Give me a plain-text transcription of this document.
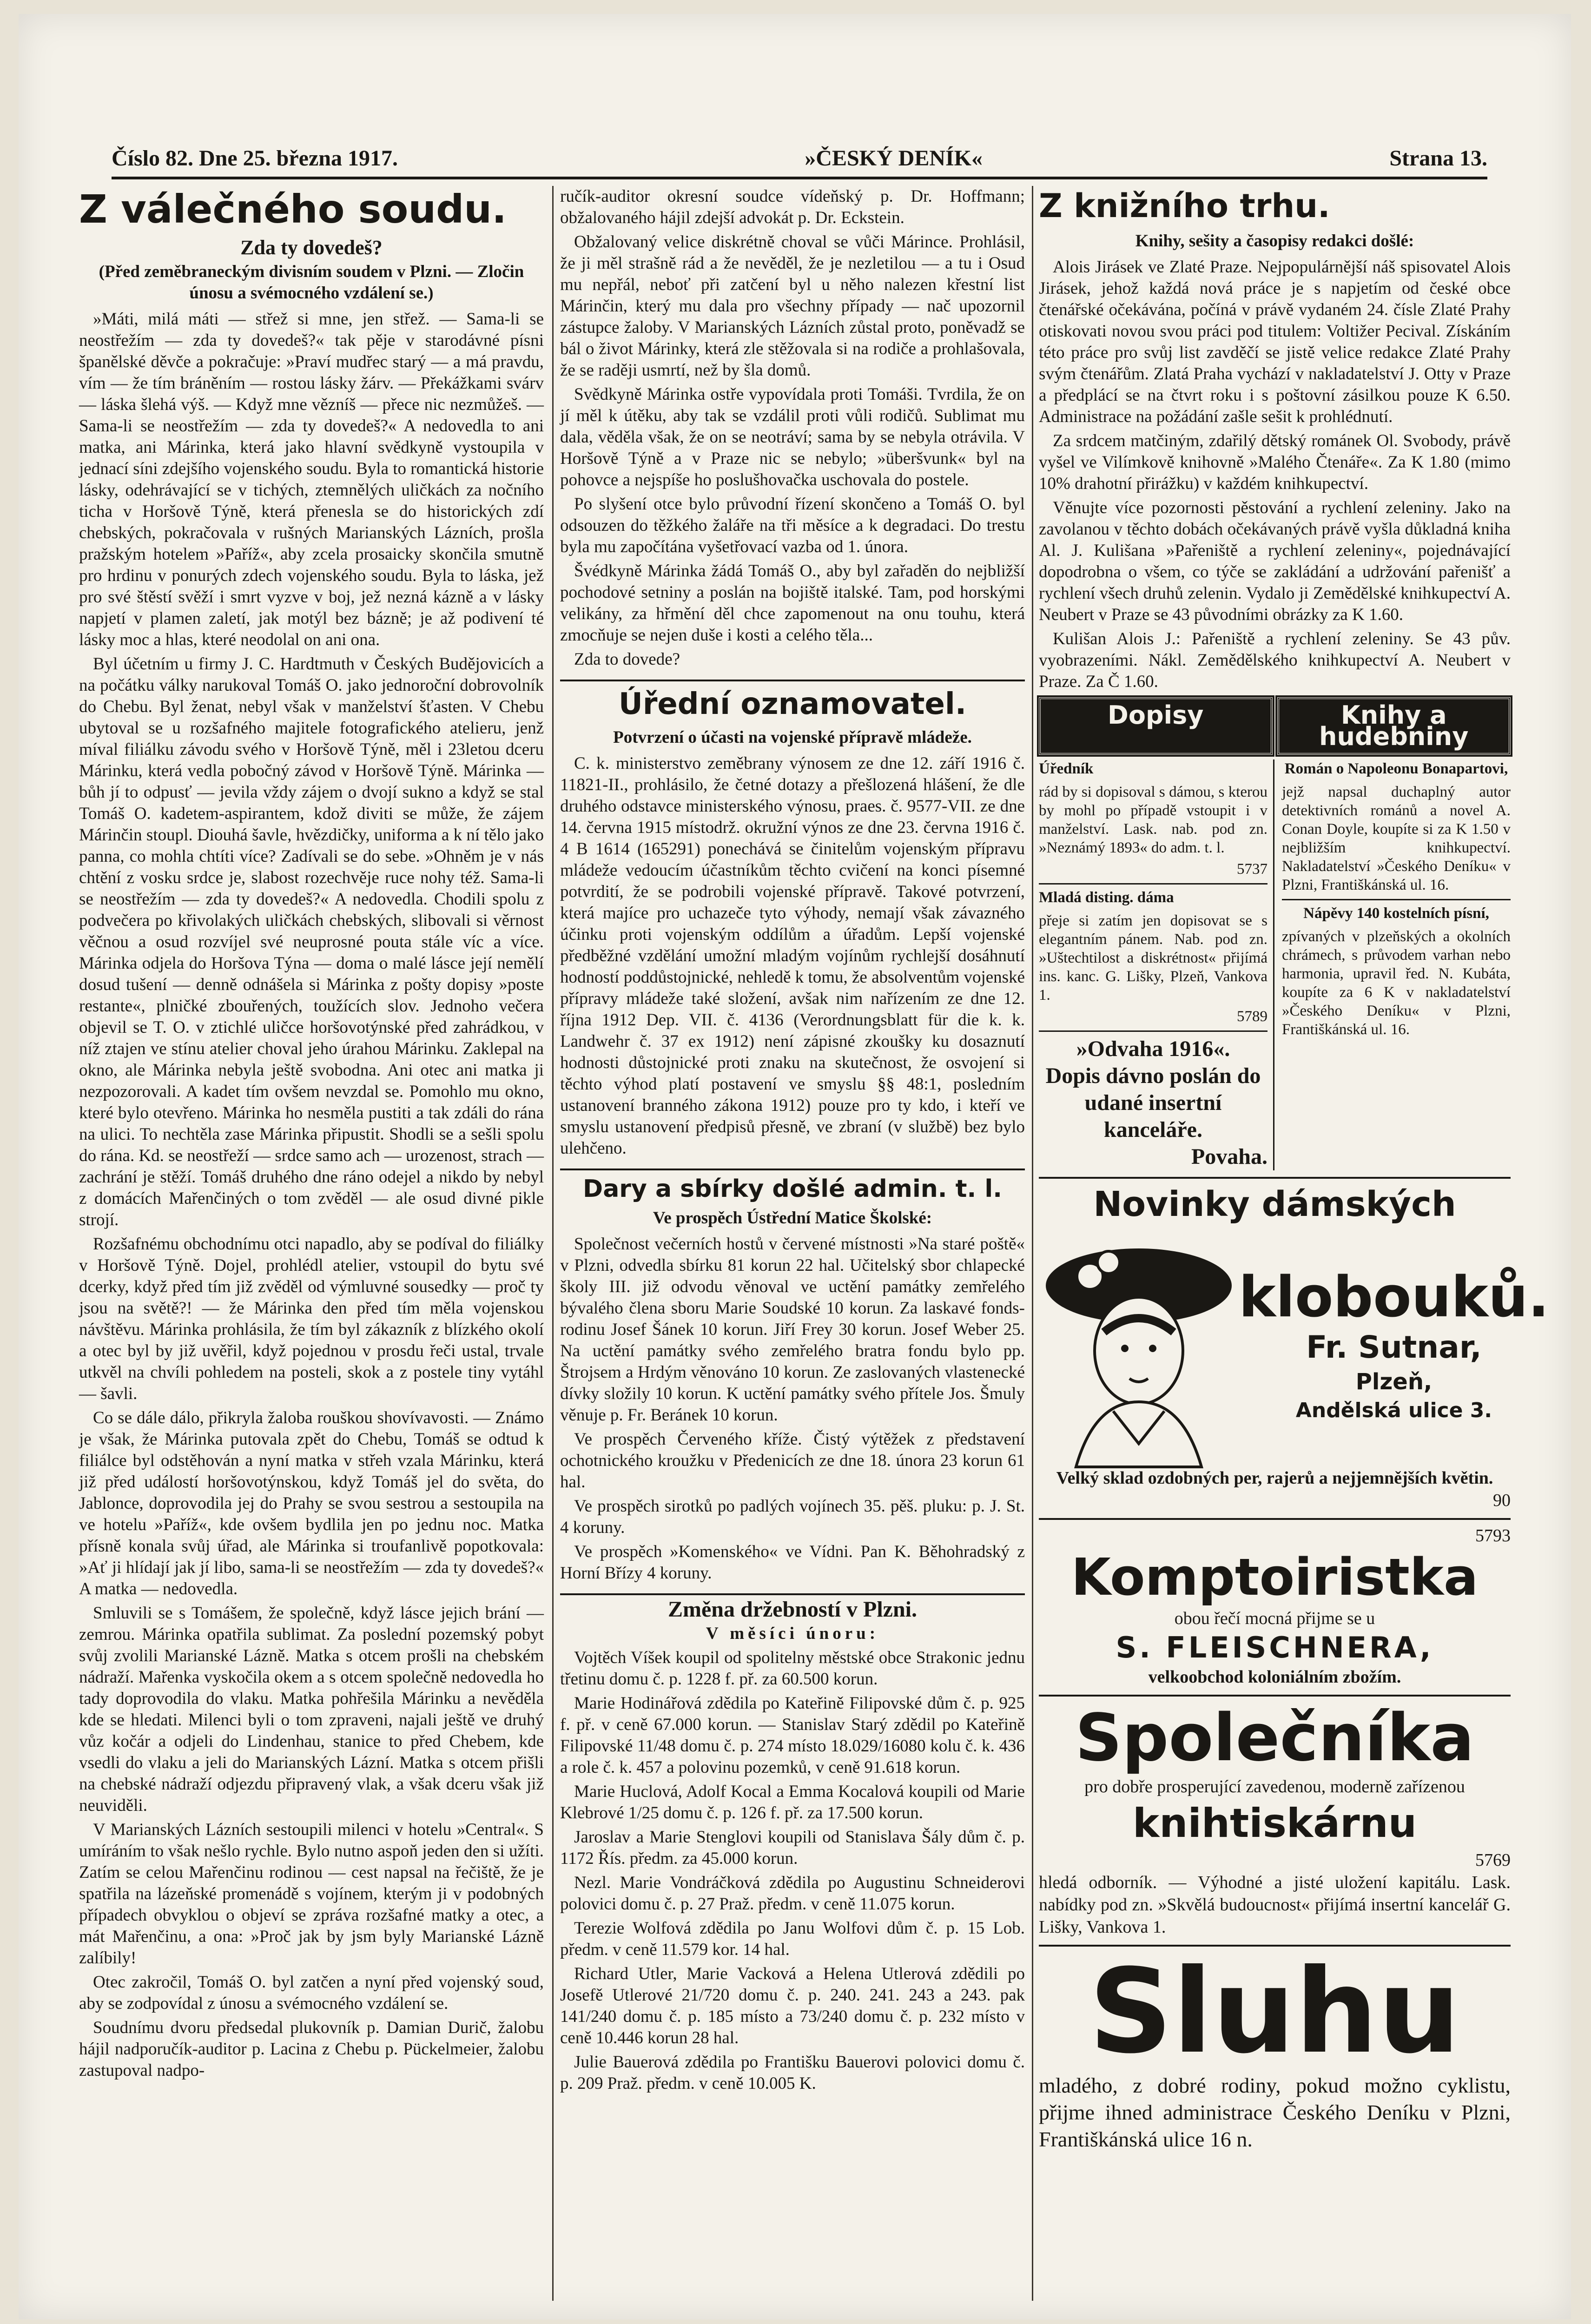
Číslo 82. Dne 25. března 1917.	»ČESKÝ DENÍK«	Strana 13.
Z válečného soudu.
Zda ty dovedeš?

(Před zeměbraneckým divisním soudem v Plzni. — Zločin únosu a svémocného vzdálení se.)

»Máti, milá máti — střež si mne, jen střež. — Sama-li se neostřežím — zda ty dovedeš?« tak pěje v starodávné písni španělské děvče a pokračuje: »Praví mudřec starý — a má pravdu, vím — že tím bráněním — rostou lásky žárv. — Překážkami svárv — láska šlehá výš. — Když mne vězníš — přece nic nezmůžeš. — Sama-li se neostřežím — zda ty dovedeš?« A nedovedla to ani matka, ani Márinka, která jako hlavní svědkyně vystoupila v jednací síni zdejšího vojenského soudu. Byla to romantická historie lásky, odehrávající se v tichých, ztemnělých uličkách za nočního ticha v Horšově Týně, která přenesla se do historických zdí chebských, pokračovala v rušných Marianských Lázních, prošla pražským hotelem »Paříž«, aby zcela prosaicky skončila smutně pro hrdinu v ponurých zdech vojenského soudu. Byla to láska, jež pro své štěstí svěží i smrt vyzve v boj, jež nezná kázně a v lásky napjetí v plamen zaletí, jak motýl bez bázně; je až podivení té lásky moc a hlas, které neodolal on ani ona.

Byl účetním u firmy J. C. Hardtmuth v Českých Budějovicích a na počátku války narukoval Tomáš O. jako jednoroční dobrovolník do Chebu. Byl ženat, nebyl však v manželství šťasten. V Chebu ubytoval se u rozšafného majitele fotografického atelieru, jenž míval filiálku závodu svého v Horšově Týně, měl i 23letou dceru Márinku, která vedla pobočný závod v Horšově Týně. Márinka — bůh jí to odpusť — jevila vždy zájem o dvojí sukno a když se stal Tomáš O. kadetem-aspirantem, kdož diviti se může, že zájem Márinčin stoupl. Diouhá šavle, hvězdičky, uniforma a k ní tělo jako panna, co mohla chtíti více? Zadívali se do sebe. »Ohněm je v nás chtění z vosku srdce je, slabost rozechvěje ruce nohy též. Sama-li se neostřežím — zda ty dovedeš?« A nedovedla. Chodili spolu z podvečera po křivolakých uličkách chebských, slibovali si věrnost věčnou a osud rozvíjel své neuprosné pouta stále víc a více. Márinka odjela do Horšova Týna — doma o malé lásce její nemělí dosud tušení — denně odnášela si Márinka z pošty dopisy »poste restante«, plničké zbouřených, toužících slov. Jednoho večera objevil se T. O. v ztichlé uličce horšovotýnské před zahrádkou, v níž ztajen ve stínu atelier choval jeho úrahou Márinku. Zaklepal na okno, ale Márinka nebyla ještě svobodna. Ani otec ani matka ji nezpozorovali. A kadet tím ovšem nevzdal se. Pomohlo mu okno, které bylo otevřeno. Márinka ho nesměla pustiti a tak zdáli do rána na ulici. To nechtěla zase Márinka připustit. Shodli se a sešli spolu do rána. Kd. se neostřeží — srdce samo ach — urozenost, strach — zachrání je stěží. Tomáš druhého dne ráno odejel a nikdo by nebyl z domácích Mařenčiných o tom zvěděl — ale osud divné pikle strojí.

Rozšafnému obchodnímu otci napadlo, aby se podíval do filiálky v Horšově Týně. Dojel, prohlédl atelier, vstoupil do bytu své dcerky, když před tím již zvěděl od výmluvné sousedky — proč ty jsou na světě?! — že Márinka den před tím měla vojenskou návštěvu. Márinka prohlásila, že tím byl zákazník z blízkého okolí a otec byl by již uvěřil, když pojednou v prosdu řeči ustal, trvale utkvěl na chvíli pohledem na posteli, skok a z postele tiny vytáhl — šavli.

Co se dále dálo, přikryla žaloba rouškou shovívavosti. — Známo je však, že Márinka putovala zpět do Chebu, Tomáš se odtud k filiálce byl odstěhován a nyní matka v střeh vzala Márinku, která již před událostí horšovotýnskou, když Tomáš jel do světa, do Jablonce, doprovodila jej do Prahy se svou sestrou a sestoupila na ve hotelu »Paříž«, kde ovšem bydlila jen po jednu noc. Matka přísně konala svůj úřad, ale Márinka si troufanlivě popotkovala: »Ať ji hlídají jak jí libo, sama-li se neostřežím — zda ty dovedeš?« A matka — nedovedla.

Smluvili se s Tomášem, že společně, když lásce jejich brání — zemrou. Márinka opatřila sublimat. Za poslední pozemský pobyt svůj zvolili Marianské Lázně. Matka s otcem prošli na chebském nádraží. Mařenka vyskočila okem a s otcem společně nedovedla ho tady doprovodila do vlaku. Matka pohřešila Márinku a nevěděla kde se hledati. Milenci byli o tom zpraveni, najali ještě ve druhý vůz kočár a odjeli do Lindenhau, stanice to před Chebem, kde vsedli do vlaku a jeli do Marianských Lázní. Matka s otcem přišli na chebské nádraží odjezdu připravený vlak, a však dceru však již neuviděli.

V Marianských Lázních sestoupili milenci v hotelu »Central«. S umíráním to však nešlo rychle. Bylo nutno aspoň jeden den si užíti. Zatím se celou Mařenčinu rodinou — cest napsal na řečiště, že je spatřila na lázeňské promenádě s vojínem, kterým ji v podobných případech obvyklou o objeví se zpráva rozšafné matky a otec, a mát Mařenčinu, a ona: »Proč jak by jsm byly Marianské Lázně zalíbily!

Otec zakročil, Tomáš O. byl zatčen a nyní před vojenský soud, aby se zodpovídal z únosu a svémocného vzdálení se.

Soudnímu dvoru předsedal plukovník p. Damian Durič, žalobu hájil nadporučík-auditor p. Lacina z Chebu p. Pückelmeier, žalobu zastupoval nadpo-

ručík-auditor okresní soudce vídeňský p. Dr. Hoffmann; obžalovaného hájil zdejší advokát p. Dr. Eckstein.

Obžalovaný velice diskrétně choval se vůči Márince. Prohlásil, že ji měl strašně rád a že nevěděl, že je nezletilou — a tu i Osud mu nepřál, neboť při zatčení byl u něho nalezen křestní list Márinčin, který mu dala pro všechny případy — nač upozornil zástupce žaloby. V Marianských Lázních zůstal proto, poněvadž se bál o život Márinky, která zle stěžovala si na rodiče a prohlašovala, že se raději usmrtí, než by šla domů.

Svědkyně Márinka ostře vypovídala proti Tomáši. Tvrdila, že on jí měl k útěku, aby tak se vzdálil proti vůli rodičů. Sublimat mu dala, věděla však, že on se neotráví; sama by se nebyla otrávila. V Horšově Týně a v Praze nic se nebylo; »überšvunk« byl na pohovce a nejspíše ho poslušhovačka uschovala do postele.

Po slyšení otce bylo průvodní řízení skončeno a Tomáš O. byl odsouzen do těžkého žaláře na tři měsíce a k degradaci. Do trestu byla mu započítána vyšetřovací vazba od 1. února.

Švédkyně Márinka žádá Tomáš O., aby byl zařaděn do nejbližší pochodové setniny a poslán na bojiště italské. Tam, pod horskými velikány, za hřmění děl chce zapomenout na onu touhu, která zmocňuje se nejen duše i kosti a celého těla...

Zda to dovede?

Úřední oznamovatel.

Potvrzení o účasti na vojenské přípravě mládeže.

C. k. ministerstvo zeměbrany výnosem ze dne 12. září 1916 č. 11821-II., prohlásilo, že četné dotazy a přešlozená hlášení, že dle druhého odstavce ministerského výnosu, praes. č. 9577-VII. ze dne 14. června 1915 místodrž. okružní výnos ze dne 23. června 1916 č. 4 B 1614 (165291) ponechává se činitelům vojenským přípravu mládeže vedoucím účastníkům těchto cvičení na konci písemné potvrdití, že se podrobili vojenské přípravě. Takové potvrzení, která majíce pro uchazeče tyto výhody, nemají však závazného účinku proti vojenským oddílům a úřadům. Lepší vojenské předběžné vzdělání umožní mladým vojínům rychlejší dosáhnutí hodností poddůstojnické, nehledě k tomu, že absolventům vojenské přípravy mládeže také složení, avšak nim nařízením ze dne 12. října 1912 Dep. VII. č. 4136 (Verordnungsblatt für die k. k. Landwehr č. 37 ex 1912) není zápisné zkoušky ku dosaznutí hodnosti důstojnické proti znaku na skutečnost, že osvojení si těchto výhod platí postavení ve smyslu §§ 48:1, posledním ustanovení branného zákona 1912) pouze pro ty kdo, i kteří ve smyslu ustanovení předpisů přesně, ve zbraní (v službě) bez bylo ulehčeno.

Dary a sbírky došlé admin. t. l.

Ve prospěch Ústřední Matice Školské:

Společnost večerních hostů v červené místnosti »Na staré poště« v Plzni, odvedla sbírku 81 korun 22 hal. Učitelský sbor chlapecké školy III. již odvodu věnoval ve uctění památky zemřelého bývalého člena sboru Marie Soudské 10 korun. Za laskavé fonds-rodinu Josef Šánek 10 korun. Jiří Frey 30 korun. Josef Weber 25. Na uctění památky svého zemřelého bratra fondu bylo pp. Štrojsem a Hrdým věnováno 10 korun. Ze zaslovaných vlastenecké dívky složily 10 korun. K uctění památky svého přítele Jos. Šmuly věnuje p. Fr. Beránek 10 korun.

Ve prospěch Červeného kříže. Čistý výtěžek z představení ochotnického kroužku v Předenicích ze dne 18. února 23 korun 61 hal.

Ve prospěch sirotků po padlých vojínech 35. pěš. pluku: p. J. St. 4 koruny.

Ve prospěch »Komenského« ve Vídni. Pan K. Běhohradský z Horní Břízy 4 koruny.

Změna držebností v Plzni.

V měsíci únoru:

Vojtěch Víšek koupil od spolitelny městské obce Strakonic jednu třetinu domu č. p. 1228 f. př. za 60.500 korun.

Marie Hodinářová zdědila po Kateřině Filipovské dům č. p. 925 f. př. v ceně 67.000 korun. — Stanislav Starý zdědil po Kateřině Filipovské 11/48 domu č. p. 274 místo 18.029/16080 kolu č. k. 436 a role č. k. 457 a polovinu pozemků, v ceně 91.618 korun.

Marie Huclová, Adolf Kocal a Emma Kocalová koupili od Marie Klebrové 1/25 domu č. p. 126 f. př. za 17.500 korun.

Jaroslav a Marie Stenglovi koupili od Stanislava Šály dům č. p. 1172 Řís. předm. za 45.000 korun.

Nezl. Marie Vondráčková zdědila po Augustinu Schneiderovi polovici domu č. p. 27 Praž. předm. v ceně 11.075 korun.

Terezie Wolfová zdědila po Janu Wolfovi dům č. p. 15 Lob. předm. v ceně 11.579 kor. 14 hal.

Richard Utler, Marie Vacková a Helena Utlerová zdědili po Josefě Utlerové 21/720 domu č. p. 240. 241. 243 a 243. pak 141/240 domu č. p. 185 místo a 73/240 domu č. p. 232 místo v ceně 10.446 korun 28 hal.

Julie Bauerová zdědila po Františku Bauerovi polovici domu č. p. 209 Praž. předm. v ceně 10.005 K.

Z knižního trhu.

Knihy, sešity a časopisy redakci došlé:

Alois Jirásek ve Zlaté Praze. Nejpopulárnější náš spisovatel Alois Jirásek, jehož každá nová práce je s napjetím od české obce čtenářské očekávána, počíná v právě vydaném 24. čísle Zlaté Prahy otiskovati novou svou práci pod titulem: Voltižer Pecival. Získáním této práce pro svůj list zavděčí se jistě velice redakce Zlaté Prahy svým čtenářům. Zlatá Praha vychází v nakladatelství J. Otty v Praze a předplácí se na čtvrt roku i s poštovní zásilkou pouze K 6.50. Administrace na požádání zašle sešit k prohlédnutí.

Za srdcem matčiným, zdařilý dětský románek Ol. Svobody, právě vyšel ve Vilímkově knihovně »Malého Čtenáře«. Za K 1.80 (mimo 10% drahotní přirážku) v každém knihkupectví.

Věnujte více pozornosti pěstování a rychlení zeleniny. Jako na zavolanou v těchto dobách očekávaných právě vyšla důkladná kniha Al. J. Kulišana »Pařeniště a rychlení zeleniny«, pojednávající dopodrobna o všem, co týče se zakládání a udržování pařenišť a rychlení všech druhů zelenin. Vydalo ji Zemědělské knihkupectví A. Neubert v Praze se 43 původními obrázky za K 1.60.

Kulišan Alois J.: Pařeniště a rychlení zeleniny. Se 43 pův. vyobrazeními. Nákl. Zemědělského knihkupectví A. Neubert v Praze. Za Č 1.60.

Dopisy	Knihy a hudebniny

Úředník

rád by si dopisoval s dámou, s kterou by mohl po případě vstoupit i v manželství. Lask. nab. pod zn. »Neznámý 1893« do adm. t. l.

5737

Mladá disting. dáma

přeje si zatím jen dopisovat se s elegantním pánem. Nab. pod zn. »Uštechtilost a diskrétnost« přijímá ins. kanc. G. Lišky, Plzeň, Vankova 1.

5789

»Odvaha 1916«.
Dopis dávno poslán do udané insertní kanceláře.
Povaha.

Román o Napoleonu Bonapartovi,

jejž napsal duchaplný autor detektivních románů a novel A. Conan Doyle, koupíte si za K 1.50 v nejbližším knihkupectví. Nakladatelství »Českého Deníku« v Plzni, Františkánská ul. 16.

Nápěvy 140 kostelních písní,

zpívaných v plzeňských a okolních chrámech, s průvodem varhan nebo harmonia, upravil řed. N. Kubáta, koupíte za 6 K v nakladatelství »Českého Deníku« v Plzni, Františkánská ul. 16.

Novinky dámských
klobouků.
Fr. Sutnar,
Plzeň,
Andělská ulice 3.
Velký sklad ozdobných per, rajerů a nejjemnějších květin.
90
5793
Komptoiristka
obou řečí mocná přijme se u
S. FLEISCHNERA,
velkoobchod koloniálním zbožím.
Společníka
pro dobře prosperující zavedenou, moderně zařízenou
knihtiskárnu
5769
hledá odborník. — Výhodné a jisté uložení kapitálu. Lask. nabídky pod zn. »Skvělá budoucnost« přijímá insertní kancelář G. Lišky, Vankova 1.
Sluhu
mladého, z dobré rodiny, pokud možno cyklistu, přijme ihned administrace Českého Deníku v Plzni, Františkánská ulice 16 n.
